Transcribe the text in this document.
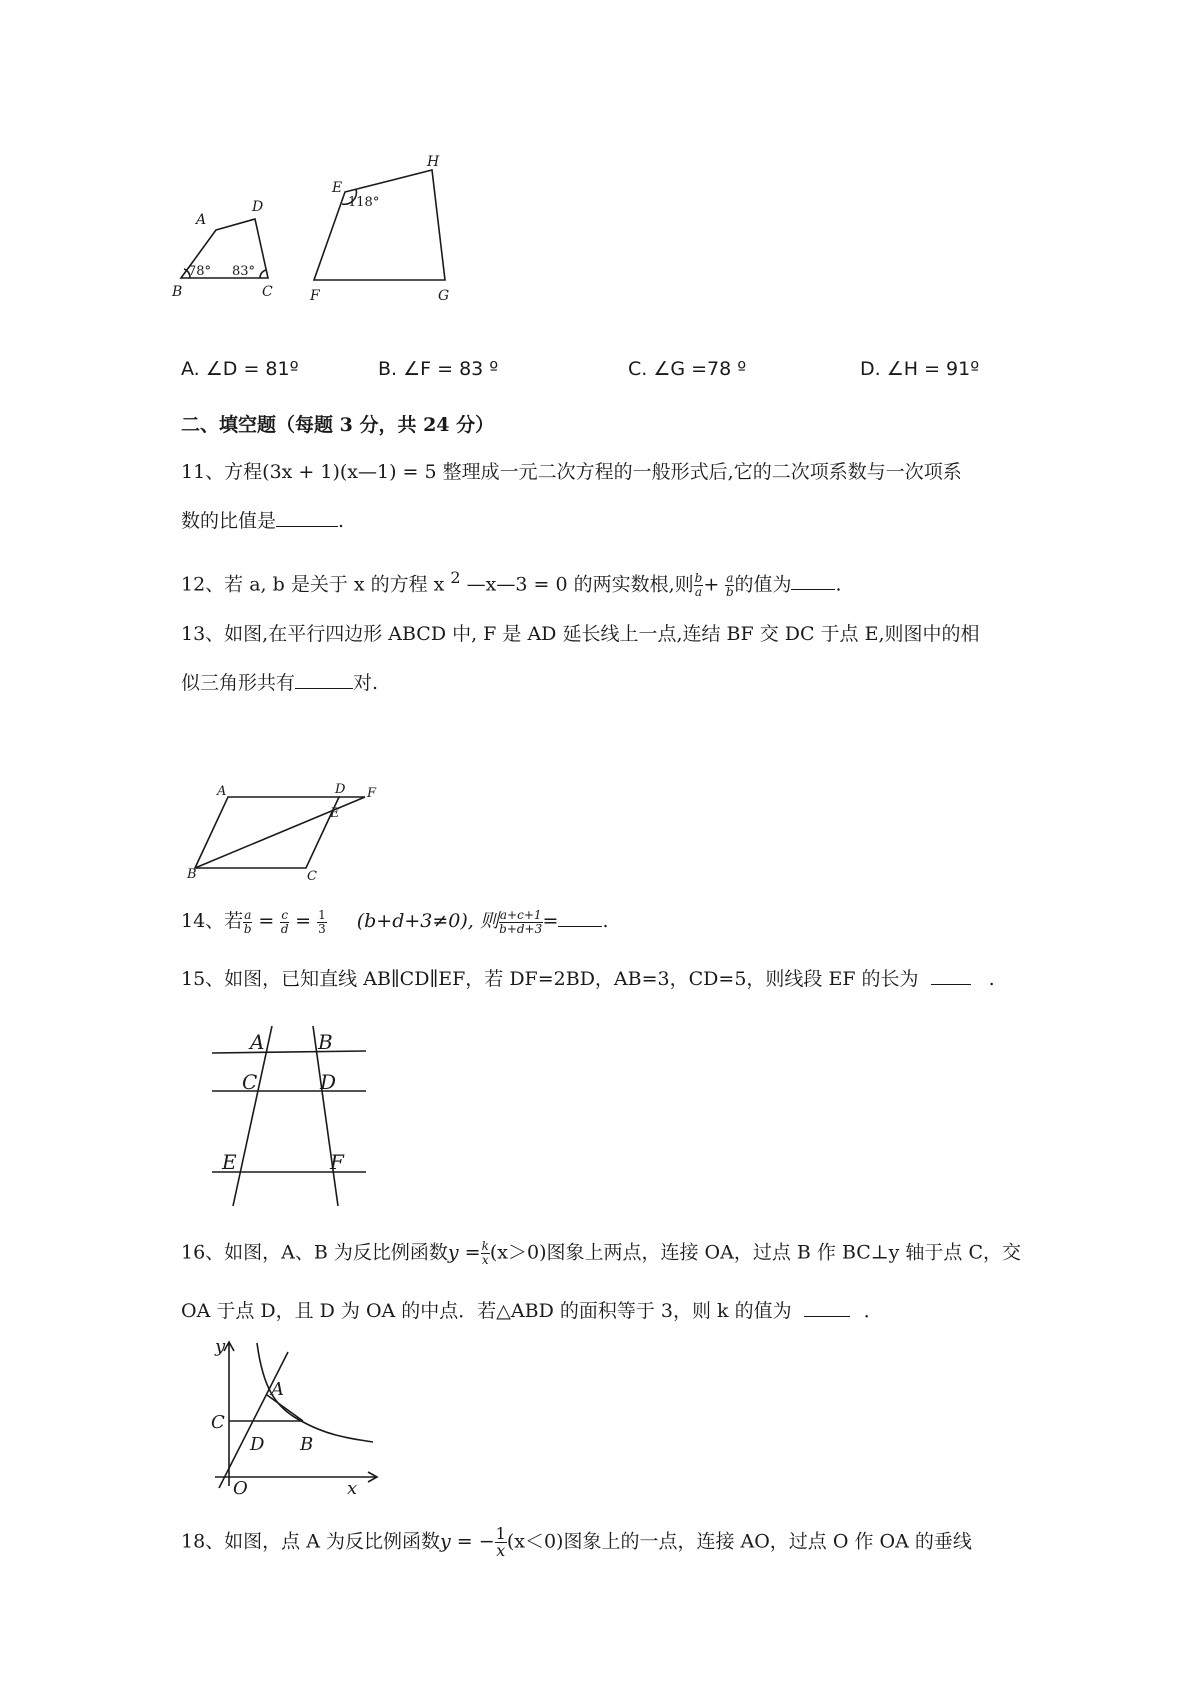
A
D
B	C
78° 83°
E
H
F	G
118°
A. ∠D = 81º	B. ∠F = 83 º	C. ∠G =78 º	D. ∠H = 91º
二、填空题（每题 3 分，共 24 分）
11、方程(3x + 1)(x—1) = 5 整理成一元二次方程的一般形式后,它的二次项系数与一次项系
数的比值是	.
12、若 a, b 是关于 x 的方程 x $^2$ —x—3 = 0 的两实数根,则 $\frac{b}{a} + \frac{a}{b}$ 的值为 .
13、如图,在平行四边形 ABCD 中, F 是 AD 延长线上一点,连结 BF 交 DC 于点 E,则图中的相
似三角形共有	对.
A	D F
E
B	C
14、若 $\frac{a}{b} = \frac{c}{d} = \frac{1}{3} (b+d+3\ne 0)$, 则 $\frac{a+c+1}{b+d+3}$ = .
15、如图，已知直线 AB∥CD∥EF，若 DF=2BD，AB=3，CD=5，则线段 EF 的长为	.
A	B
C	D
E	F
16、如图，A、B 为反比例函数$y = \frac{k}{x} (x>0)$图象上两点，连接 OA，过点 B 作 BC⊥y 轴于点 C，交
OA 于点 D，且 D 为 OA 的中点．若△ABD 的面积等于 3，则 k 的值为	．
y
A
C
D B
O	x
18、如图，点 A 为反比例函数y = − $\frac{1}{x} (x<0)$图象上的一点，连接 AO，过点 O 作 OA 的垂线
